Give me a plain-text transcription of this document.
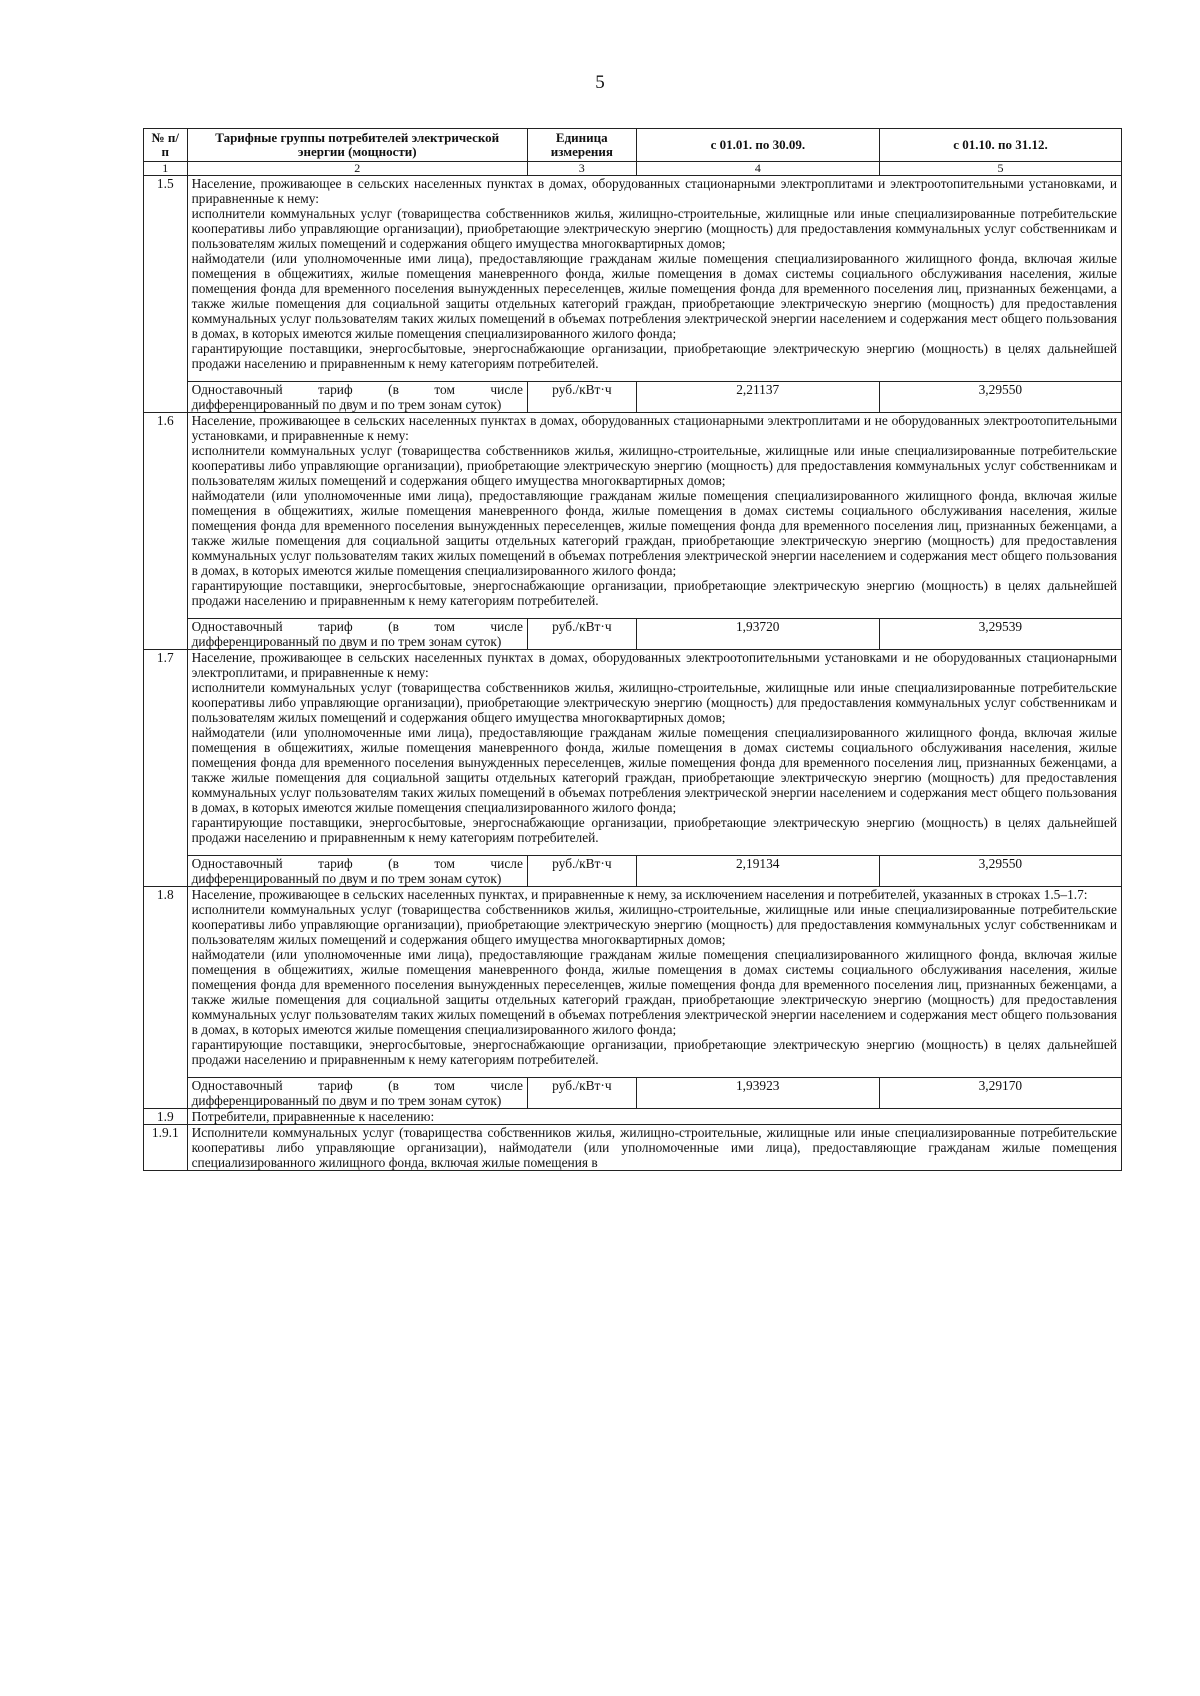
5
№ п/п	Тарифные группы потребителей электрической энергии (мощности)	Единица измерения	с 01.01. по 30.09.	с 01.10. по 31.12.
1	2	3	4	5
1.5	Население, проживающее в сельских населенных пунктах в домах, оборудованных стационарными электроплитами и электроотопительными установками, и приравненные к нему:

исполнители коммунальных услуг (товарищества собственников жилья, жилищно-строительные, жилищные или иные специализированные потребительские кооперативы либо управляющие организации), приобретающие электрическую энергию (мощность) для предоставления коммунальных услуг собственникам и пользователям жилых помещений и содержания общего имущества многоквартирных домов;

наймодатели (или уполномоченные ими лица), предоставляющие гражданам жилые помещения специализированного жилищного фонда, включая жилые помещения в общежитиях, жилые помещения маневренного фонда, жилые помещения в домах системы социального обслуживания населения, жилые помещения фонда для временного поселения вынужденных переселенцев, жилые помещения фонда для временного поселения лиц, признанных беженцами, а также жилые помещения для социальной защиты отдельных категорий граждан, приобретающие электрическую энергию (мощность) для предоставления коммунальных услуг пользователям таких жилых помещений в объемах потребления электрической энергии населением и содержания мест общего пользования в домах, в которых имеются жилые помещения специализированного жилого фонда;

гарантирующие поставщики, энергосбытовые, энергоснабжающие организации, приобретающие электрическую энергию (мощность) в целях дальнейшей продажи населению и приравненным к нему категориям потребителей.

Одноставочный тариф (в том числе дифференцированный по двум и по трем зонам суток)	руб./кВт·ч	2,21137	3,29550

1.6	Население, проживающее в сельских населенных пунктах в домах, оборудованных стационарными электроплитами и не оборудованных электроотопительными установками, и приравненные к нему:

исполнители коммунальных услуг (товарищества собственников жилья, жилищно-строительные, жилищные или иные специализированные потребительские кооперативы либо управляющие организации), приобретающие электрическую энергию (мощность) для предоставления коммунальных услуг собственникам и пользователям жилых помещений и содержания общего имущества многоквартирных домов;

наймодатели (или уполномоченные ими лица), предоставляющие гражданам жилые помещения специализированного жилищного фонда, включая жилые помещения в общежитиях, жилые помещения маневренного фонда, жилые помещения в домах системы социального обслуживания населения, жилые помещения фонда для временного поселения вынужденных переселенцев, жилые помещения фонда для временного поселения лиц, признанных беженцами, а также жилые помещения для социальной защиты отдельных категорий граждан, приобретающие электрическую энергию (мощность) для предоставления коммунальных услуг пользователям таких жилых помещений в объемах потребления электрической энергии населением и содержания мест общего пользования в домах, в которых имеются жилые помещения специализированного жилого фонда;

гарантирующие поставщики, энергосбытовые, энергоснабжающие организации, приобретающие электрическую энергию (мощность) в целях дальнейшей продажи населению и приравненным к нему категориям потребителей.

Одноставочный тариф (в том числе дифференцированный по двум и по трем зонам суток)	руб./кВт·ч	1,93720	3,29539

1.7	Население, проживающее в сельских населенных пунктах в домах, оборудованных электроотопительными установками и не оборудованных стационарными электроплитами, и приравненные к нему:

исполнители коммунальных услуг (товарищества собственников жилья, жилищно-строительные, жилищные или иные специализированные потребительские кооперативы либо управляющие организации), приобретающие электрическую энергию (мощность) для предоставления коммунальных услуг собственникам и пользователям жилых помещений и содержания общего имущества многоквартирных домов;

наймодатели (или уполномоченные ими лица), предоставляющие гражданам жилые помещения специализированного жилищного фонда, включая жилые помещения в общежитиях, жилые помещения маневренного фонда, жилые помещения в домах системы социального обслуживания населения, жилые помещения фонда для временного поселения вынужденных переселенцев, жилые помещения фонда для временного поселения лиц, признанных беженцами, а также жилые помещения для социальной защиты отдельных категорий граждан, приобретающие электрическую энергию (мощность) для предоставления коммунальных услуг пользователям таких жилых помещений в объемах потребления электрической энергии населением и содержания мест общего пользования в домах, в которых имеются жилые помещения специализированного жилого фонда;

гарантирующие поставщики, энергосбытовые, энергоснабжающие организации, приобретающие электрическую энергию (мощность) в целях дальнейшей продажи населению и приравненным к нему категориям потребителей.

Одноставочный тариф (в том числе дифференцированный по двум и по трем зонам суток)	руб./кВт·ч	2,19134	3,29550

1.8	Население, проживающее в сельских населенных пунктах, и приравненные к нему, за исключением населения и потребителей, указанных в строках 1.5–1.7:

исполнители коммунальных услуг (товарищества собственников жилья, жилищно-строительные, жилищные или иные специализированные потребительские кооперативы либо управляющие организации), приобретающие электрическую энергию (мощность) для предоставления коммунальных услуг собственникам и пользователям жилых помещений и содержания общего имущества многоквартирных домов;

наймодатели (или уполномоченные ими лица), предоставляющие гражданам жилые помещения специализированного жилищного фонда, включая жилые помещения в общежитиях, жилые помещения маневренного фонда, жилые помещения в домах системы социального обслуживания населения, жилые помещения фонда для временного поселения вынужденных переселенцев, жилые помещения фонда для временного поселения лиц, признанных беженцами, а также жилые помещения для социальной защиты отдельных категорий граждан, приобретающие электрическую энергию (мощность) для предоставления коммунальных услуг пользователям таких жилых помещений в объемах потребления электрической энергии населением и содержания мест общего пользования в домах, в которых имеются жилые помещения специализированного жилого фонда;

гарантирующие поставщики, энергосбытовые, энергоснабжающие организации, приобретающие электрическую энергию (мощность) в целях дальнейшей продажи населению и приравненным к нему категориям потребителей.

Одноставочный тариф (в том числе дифференцированный по двум и по трем зонам суток)	руб./кВт·ч	1,93923	3,29170

1.9	Потребители, приравненные к населению:
1.9.1	Исполнители коммунальных услуг (товарищества собственников жилья, жилищно-строительные, жилищные или иные специализированные потребительские кооперативы либо управляющие организации), наймодатели (или уполномоченные ими лица), предоставляющие гражданам жилые помещения специализированного жилищного фонда, включая жилые помещения в
